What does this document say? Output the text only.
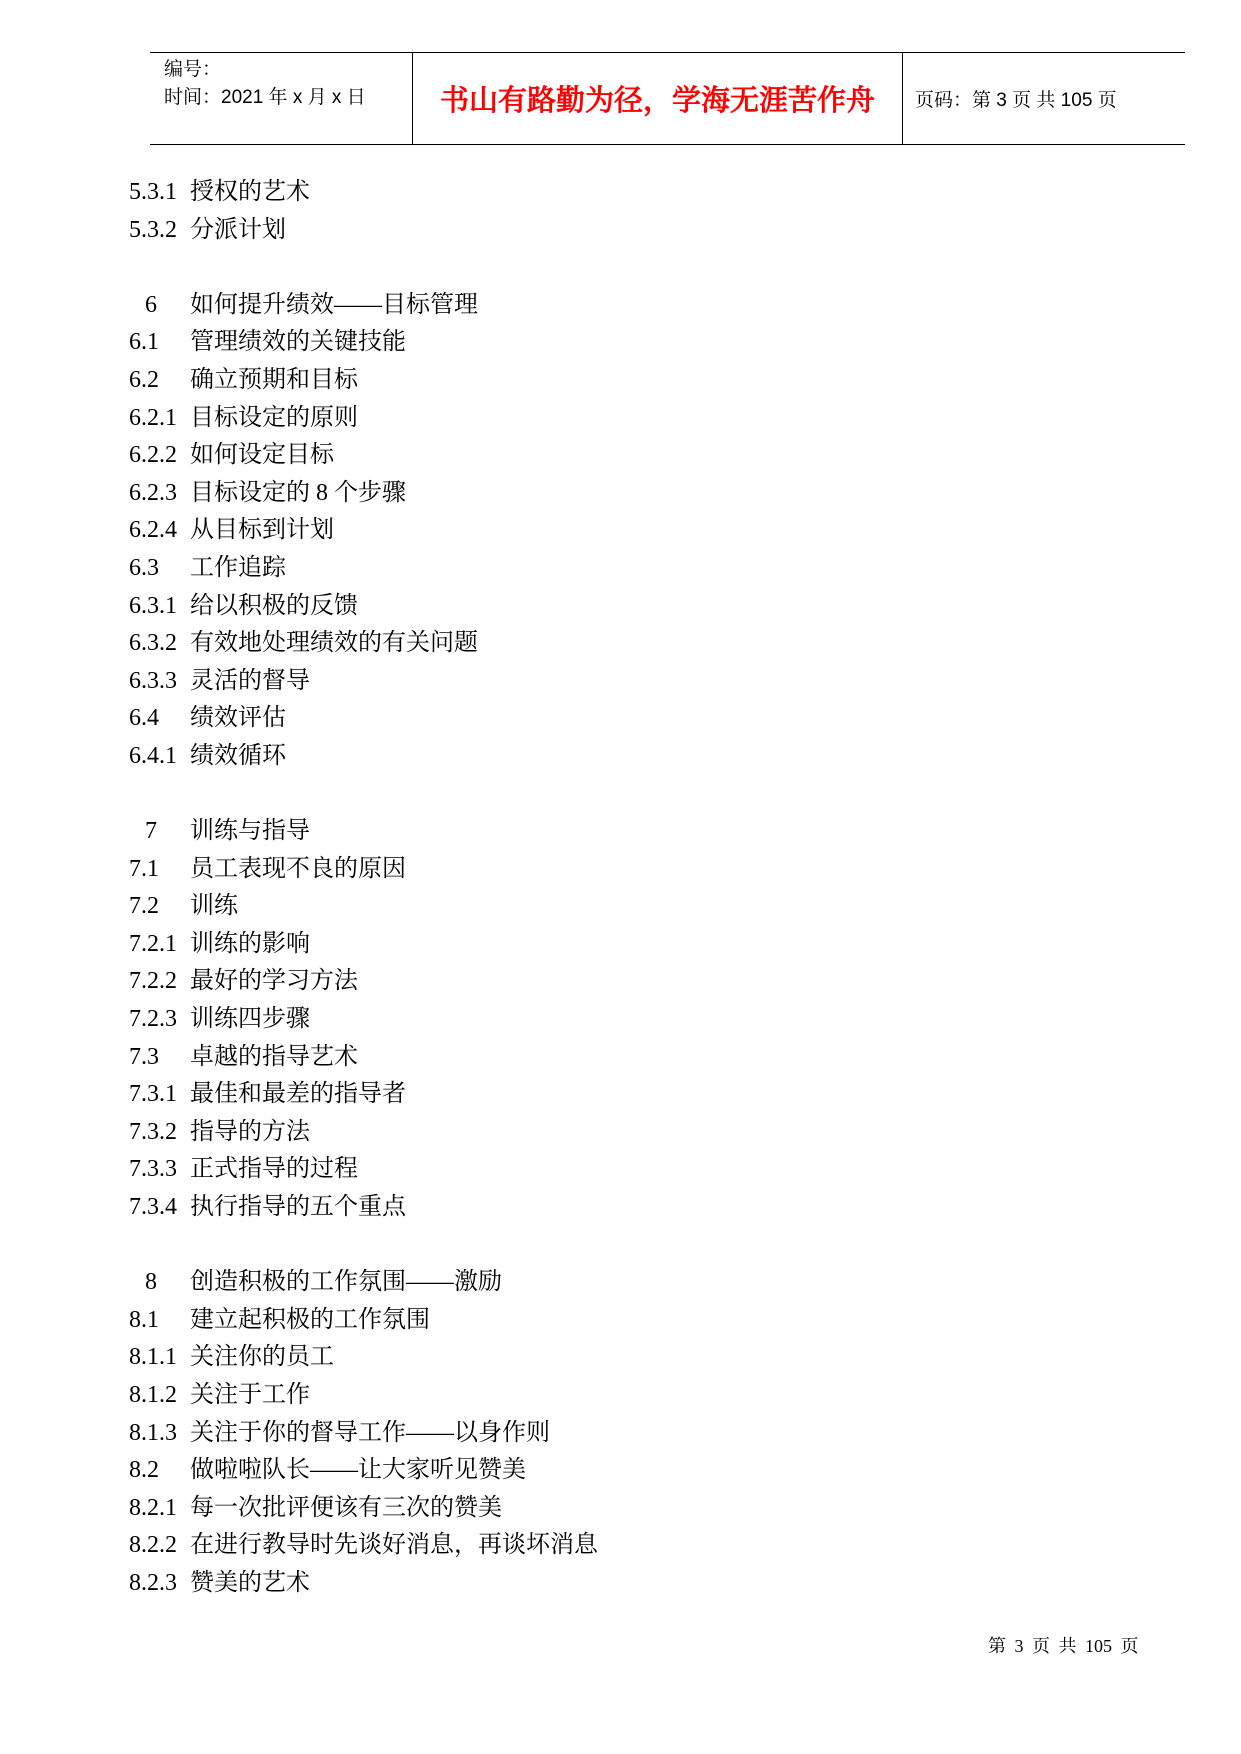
编号：
时间：2021 年 x 月 x 日	书山有路勤为径，学海无涯苦作舟 页码：第 3 页 共 105 页
5.3.1 授权的艺术
5.3.2 分派计划
6	如何提升绩效——目标管理
6.1	管理绩效的关键技能
6.2	确立预期和目标
6.2.1 目标设定的原则
6.2.2 如何设定目标
6.2.3 目标设定的 8 个步骤
6.2.4 从目标到计划
6.3	工作追踪
6.3.1 给以积极的反馈
6.3.2 有效地处理绩效的有关问题
6.3.3 灵活的督导
6.4	绩效评估
6.4.1 绩效循环
7	训练与指导
7.1	员工表现不良的原因
7.2	训练
7.2.1 训练的影响
7.2.2 最好的学习方法
7.2.3 训练四步骤
7.3	卓越的指导艺术
7.3.1 最佳和最差的指导者
7.3.2 指导的方法
7.3.3 正式指导的过程
7.3.4 执行指导的五个重点
8	创造积极的工作氛围——激励
8.1	建立起积极的工作氛围
8.1.1 关注你的员工
8.1.2 关注于工作
8.1.3 关注于你的督导工作——以身作则
8.2	做啦啦队长——让大家听见赞美
8.2.1 每一次批评便该有三次的赞美
8.2.2 在进行教导时先谈好消息，再谈坏消息
8.2.3 赞美的艺术
第 3 页 共 105 页
